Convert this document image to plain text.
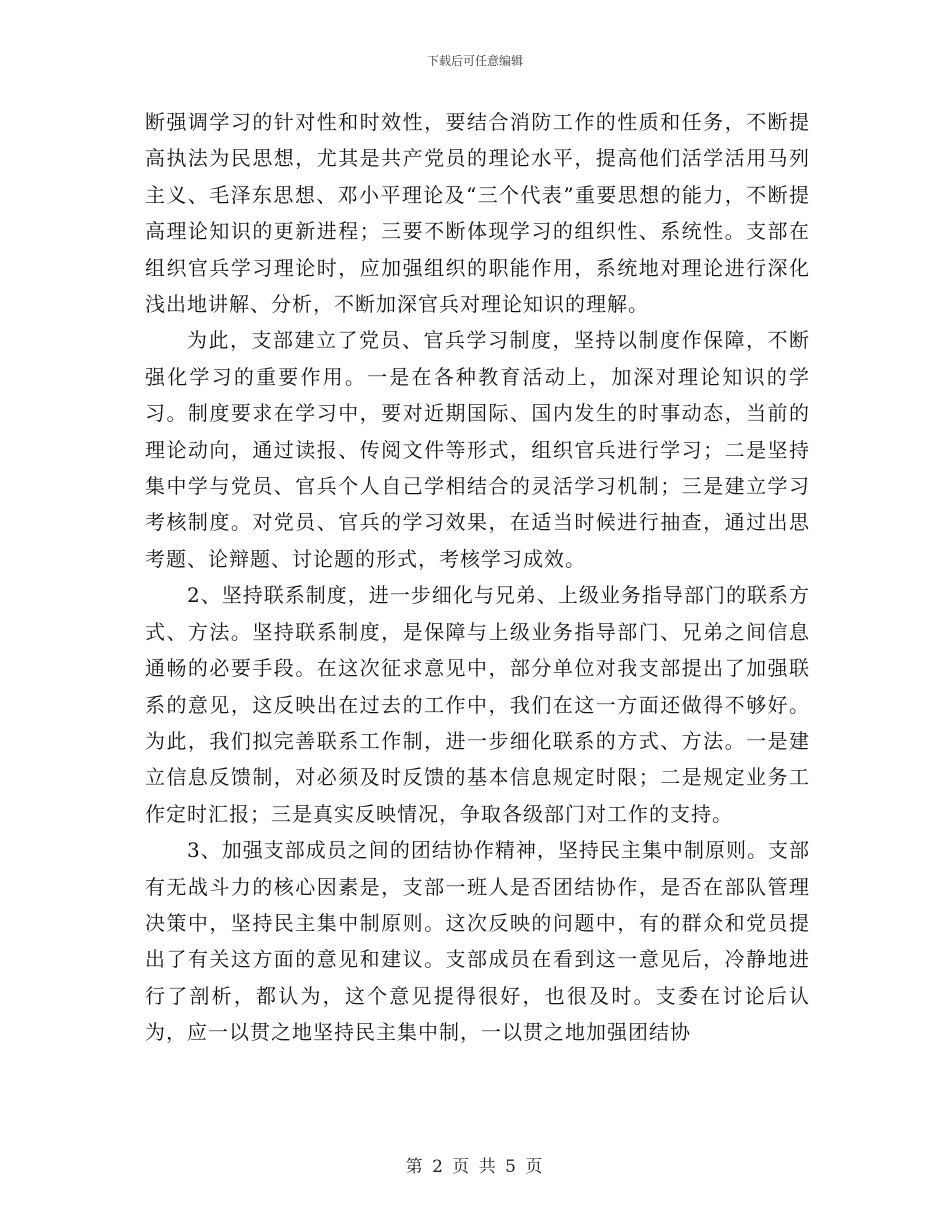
下载后可任意编辑

断强调学习的针对性和时效性，要结合消防工作的性质和任务，不断提高执法为民思想，尤其是共产党员的理论水平，提高他们活学活用马列主义、毛泽东思想、邓小平理论及“三个代表”重要思想的能力，不断提高理论知识的更新进程；三要不断体现学习的组织性、系统性。支部在组织官兵学习理论时，应加强组织的职能作用，系统地对理论进行深化浅出地讲解、分析，不断加深官兵对理论知识的理解。

为此，支部建立了党员、官兵学习制度，坚持以制度作保障，不断强化学习的重要作用。一是在各种教育活动上，加深对理论知识的学习。制度要求在学习中，要对近期国际、国内发生的时事动态，当前的理论动向，通过读报、传阅文件等形式，组织官兵进行学习；二是坚持集中学与党员、官兵个人自己学相结合的灵活学习机制；三是建立学习考核制度。对党员、官兵的学习效果，在适当时候进行抽查，通过出思考题、论辩题、讨论题的形式，考核学习成效。

2、坚持联系制度，进一步细化与兄弟、上级业务指导部门的联系方式、方法。坚持联系制度，是保障与上级业务指导部门、兄弟之间信息通畅的必要手段。在这次征求意见中，部分单位对我支部提出了加强联系的意见，这反映出在过去的工作中，我们在这一方面还做得不够好。为此，我们拟完善联系工作制，进一步细化联系的方式、方法。一是建立信息反馈制，对必须及时反馈的基本信息规定时限；二是规定业务工作定时汇报；三是真实反映情况，争取各级部门对工作的支持。

3、加强支部成员之间的团结协作精神，坚持民主集中制原则。支部有无战斗力的核心因素是，支部一班人是否团结协作，是否在部队管理决策中，坚持民主集中制原则。这次反映的问题中，有的群众和党员提出了有关这方面的意见和建议。支部成员在看到这一意见后，冷静地进行了剖析，都认为，这个意见提得很好，也很及时。支委在讨论后认为，应一以贯之地坚持民主集中制，一以贯之地加强团结协

第 2 页 共 5 页
